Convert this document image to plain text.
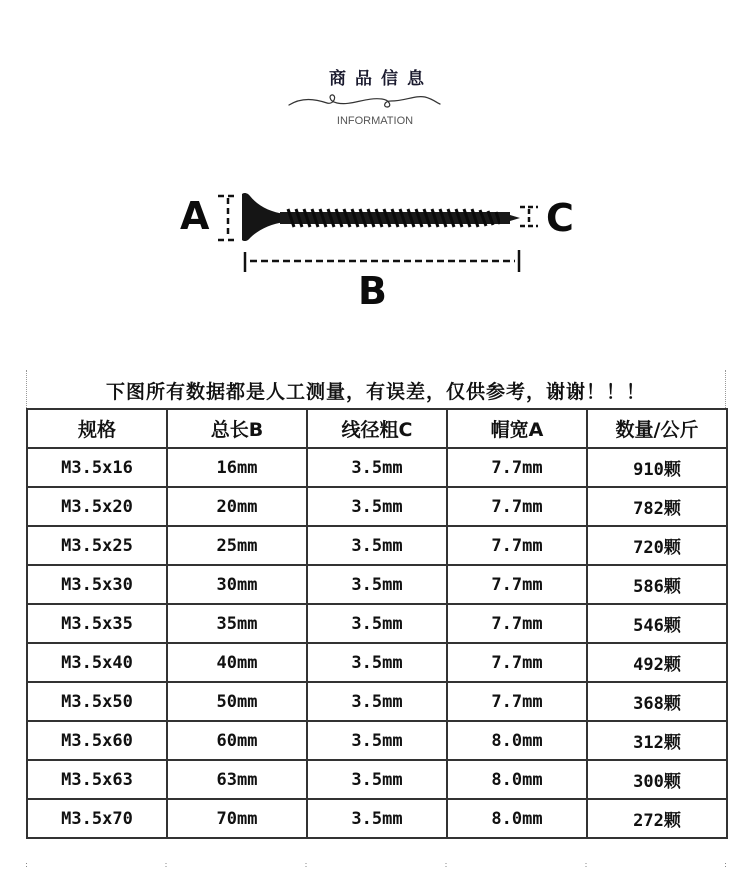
商品信息
INFORMATION
A
B
C
下图所有数据都是人工测量，有误差，仅供参考，谢谢！！！
规格	总长B	线径粗C	帽宽A	数量/公斤
M3.5x16	16mm	3.5mm	7.7mm	910颗
M3.5x20	20mm	3.5mm	7.7mm	782颗
M3.5x25	25mm	3.5mm	7.7mm	720颗
M3.5x30	30mm	3.5mm	7.7mm	586颗
M3.5x35	35mm	3.5mm	7.7mm	546颗
M3.5x40	40mm	3.5mm	7.7mm	492颗
M3.5x50	50mm	3.5mm	7.7mm	368颗
M3.5x60	60mm	3.5mm	8.0mm	312颗
M3.5x63	63mm	3.5mm	8.0mm	300颗
M3.5x70	70mm	3.5mm	8.0mm	272颗
